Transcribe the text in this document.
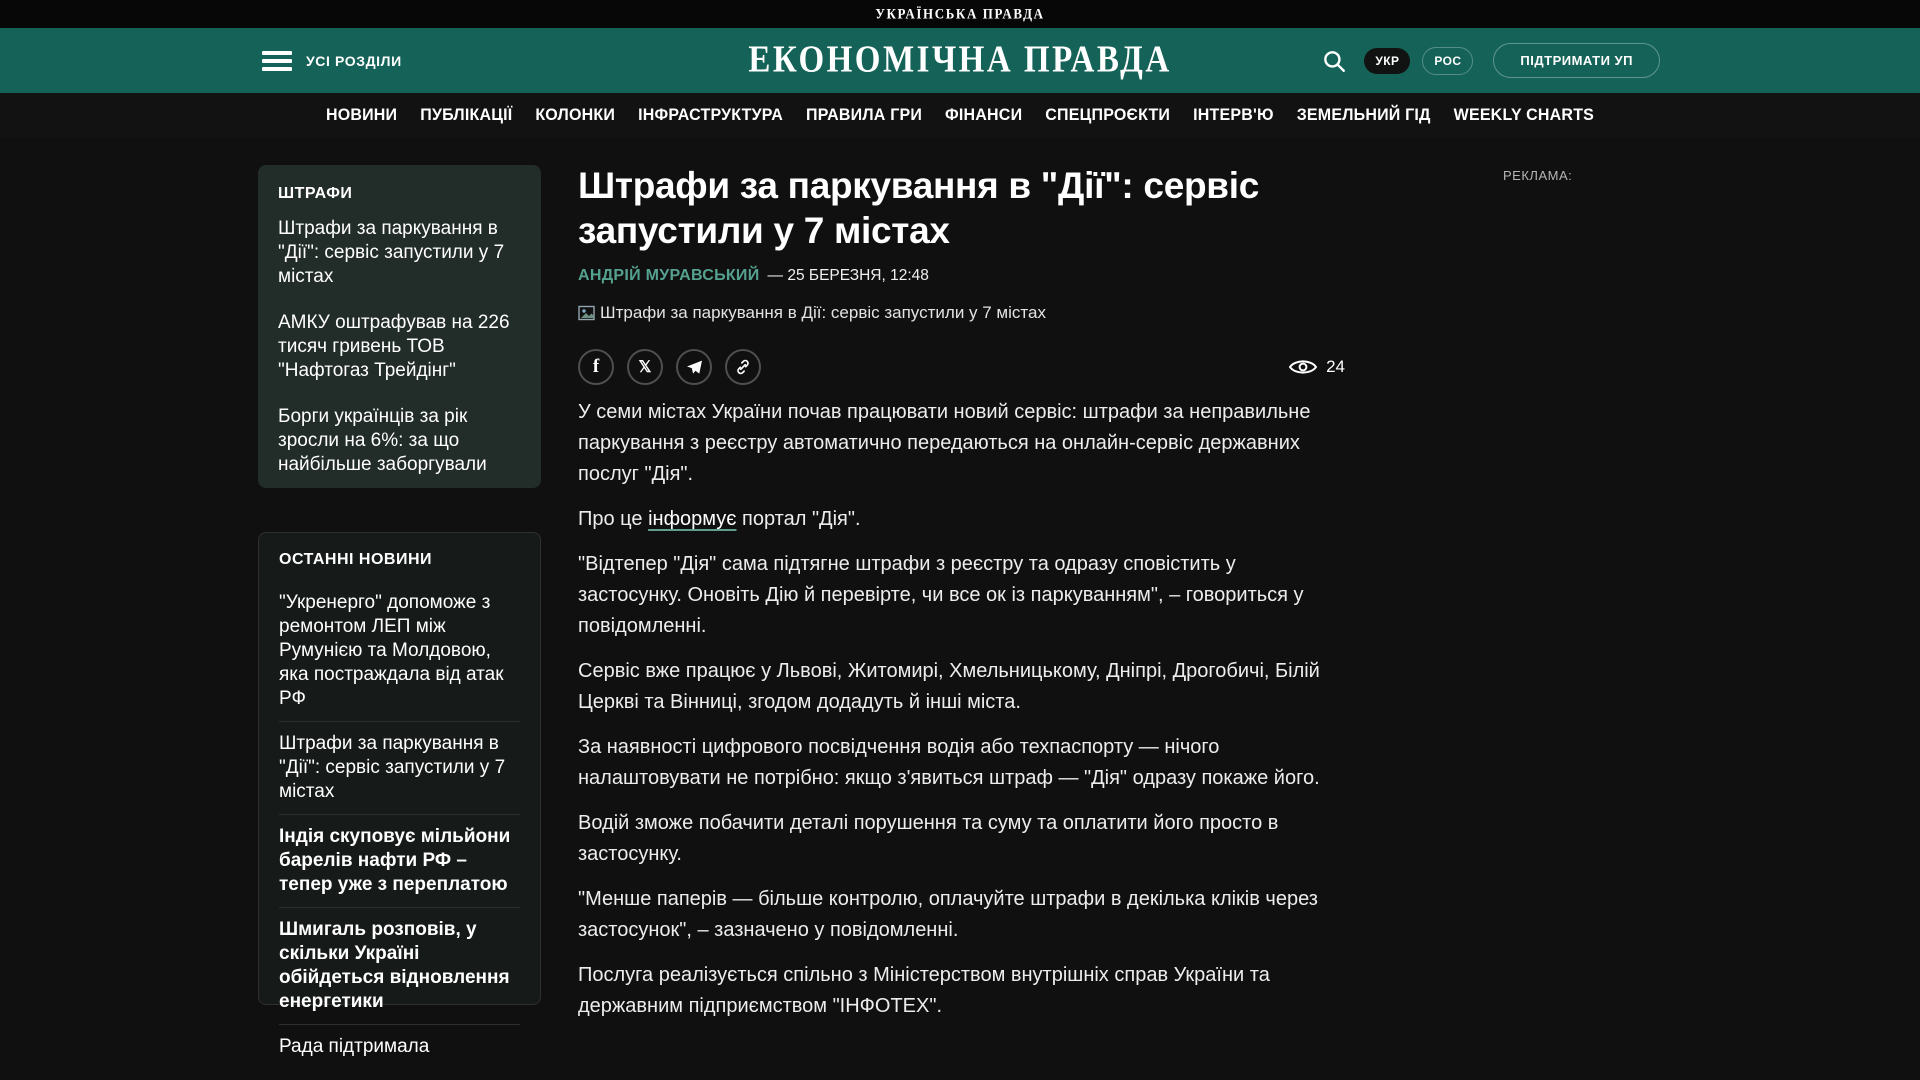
УКРАЇНСЬКА ПРАВДА
УСІ РОЗДІЛИ	ЕКОНОМІЧНА ПРАВДА	УКР	РОС	ПІДТРИМАТИ УП
НОВИНИ ПУБЛІКАЦІЇ КОЛОНКИ ІНФРАСТРУКТУРА ПРАВИЛА ГРИ ФІНАНСИ СПЕЦПРОЄКТИ ІНТЕРВ'Ю ЗЕМЕЛЬНИЙ ГІД WEEKLY CHARTS
ШТРАФИ
Штрафи за паркування в "Дії": сервіс запустили у 7 містах
АМКУ оштрафував на 226 тисяч гривень ТОВ "Нафтогаз Трейдінг"
Борги українців за рік зросли на 6%: за що найбільше заборгували
ОСТАННІ НОВИНИ
"Укренерго" допоможе з ремонтом ЛЕП між Румунією та Молдовою, яка постраждала від атак РФ
Штрафи за паркування в "Дії": сервіс запустили у 7 містах
Індія скуповує мільйони барелів нафти РФ – тепер уже з переплатою
Шмигаль розповів, у скільки Україні обійдеться відновлення енергетики
Рада підтримала
Штрафи за паркування в "Дії": сервіс запустили у 7 містах
АНДРІЙ МУРАВСЬКИЙ — 25 БЕРЕЗНЯ, 12:48
Штрафи за паркування в Дії: сервіс запустили у 7 містах
f 𝕏	24

У семи містах України почав працювати новий сервіс: штрафи за неправильне паркування з реєстру автоматично передаються на онлайн-сервіс державних послуг "Дія".

Про це інформує портал "Дія".

"Відтепер "Дія" сама підтягне штрафи з реєстру та одразу сповістить у застосунку. Оновіть Дію й перевірте, чи все ок із паркуванням", – говориться у повідомленні.

Сервіс вже працює у Львові, Житомирі, Хмельницькому, Дніпрі, Дрогобичі, Білій Церкві та Вінниці, згодом додадуть й інші міста.

За наявності цифрового посвідчення водія або техпаспорту — нічого налаштовувати не потрібно: якщо з'явиться штраф — "Дія" одразу покаже його.

Водій зможе побачити деталі порушення та суму та оплатити його просто в застосунку.

"Менше паперів — більше контролю, оплачуйте штрафи в декілька кліків через застосунок", – зазначено у повідомленні.

Послуга реалізується спільно з Міністерством внутрішніх справ України та державним підприємством "ІНФОТЕХ".

РЕКЛАМА:
